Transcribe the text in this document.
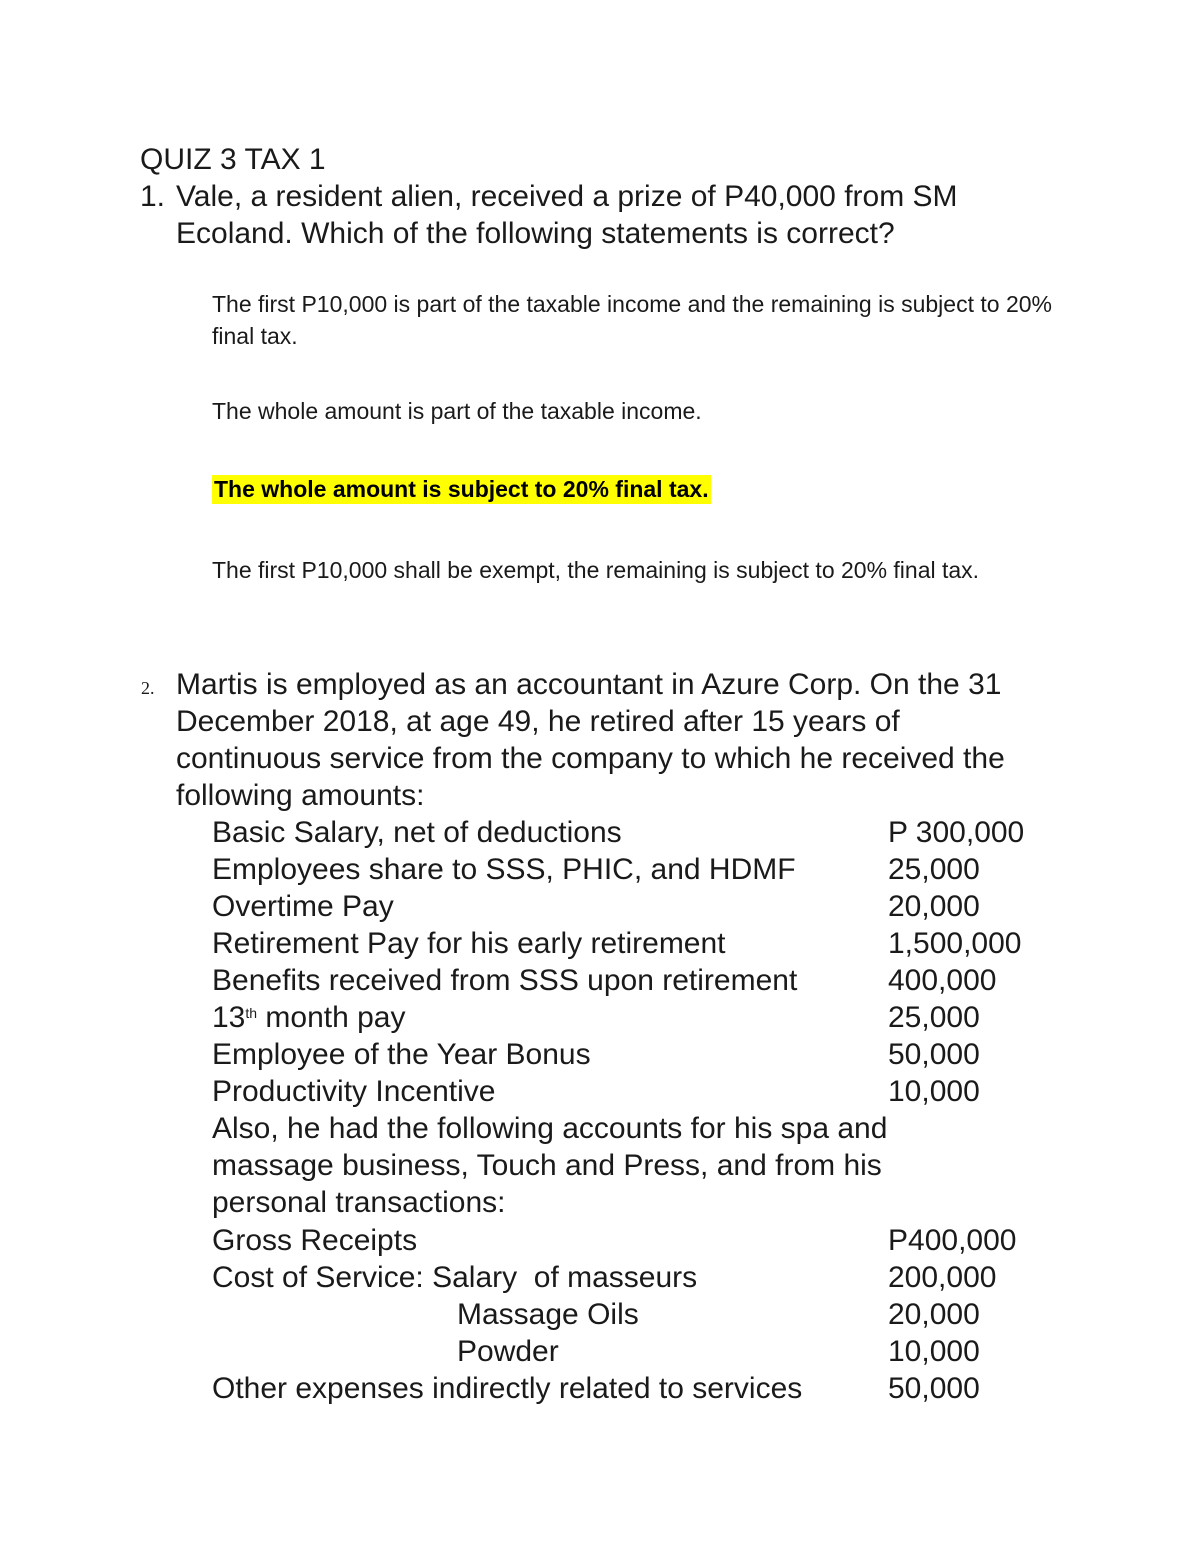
QUIZ 3 TAX 1
1. Vale, a resident alien, received a prize of P40,000 from SM Ecoland. Which of the following statements is correct?
The first P10,000 is part of the taxable income and the remaining is subject to 20% final tax.
The whole amount is part of the taxable income.
The whole amount is subject to 20% final tax.
The first P10,000 shall be exempt, the remaining is subject to 20% final tax.
2. Martis is employed as an accountant in Azure Corp. On the 31 December 2018, at age 49, he retired after 15 years of continuous service from the company to which he received the following amounts:
Basic Salary, net of deductions	P 300,000
Employees share to SSS, PHIC, and HDMF	25,000
Overtime Pay	20,000
Retirement Pay for his early retirement	1,500,000
Benefits received from SSS upon retirement	400,000
13th month pay	25,000
Employee of the Year Bonus	50,000
Productivity Incentive	10,000
Also, he had the following accounts for his spa and massage business, Touch and Press, and from his personal transactions:
Gross Receipts	P400,000
Cost of Service: Salary  of masseurs	200,000
Massage Oils	20,000
Powder	10,000
Other expenses indirectly related to services	50,000
